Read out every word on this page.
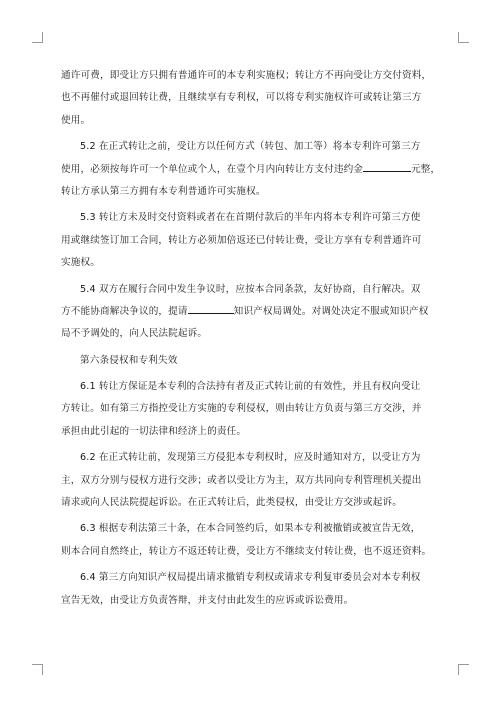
通许可费，即受让方只拥有普通许可的本专利实施权；转让方不再向受让方交付资料，
也不再催付或退回转让费，且继续享有专利权，可以将专利实施权许可或转让第三方
使用。

5.2 在正式转让之前，受让方以任何方式（转包、加工等）将本专利许可第三方
使用，必须按每许可一个单位或个人，在壹个月内向转让方支付违约金	元整，
转让方承认第三方拥有本专利普通许可实施权。

5.3 转让方未及时交付资料或者在在首期付款后的半年内将本专利许可第三方使
用或继续签订加工合同，转让方必须加倍返还已付转让费，受让方享有专利普通许可
实施权。

5.4 双方在履行合同中发生争议时，应按本合同条款，友好协商，自行解决。双
方不能协商解决争议的，提请	知识产权局调处。对调处决定不服或知识产权
局不予调处的，向人民法院起诉。

第六条侵权和专利失效

6.1 转让方保证是本专利的合法持有者及正式转让前的有效性，并且有权向受让
方转让。如有第三方指控受让方实施的专利侵权，则由转让方负责与第三方交涉，并
承担由此引起的一切法律和经济上的责任。

6.2 在正式转让前，发现第三方侵犯本专利权时，应及时通知对方，以受让方为
主，双方分别与侵权方进行交涉；或者以受让方为主，双方共同向专利管理机关提出
请求或向人民法院提起诉讼。在正式转让后，此类侵权，由受让方交涉或起诉。

6.3 根据专利法第三十条，在本合同签约后，如果本专利被撤销或被宣告无效，
则本合同自然终止，转让方不返还转让费，受让方不继续支付转让费，也不返还资料。

6.4 第三方向知识产权局提出请求撤销专利权或请求专利复审委员会对本专利权
宣告无效，由受让方负责答辩，并支付由此发生的应诉或诉讼费用。
